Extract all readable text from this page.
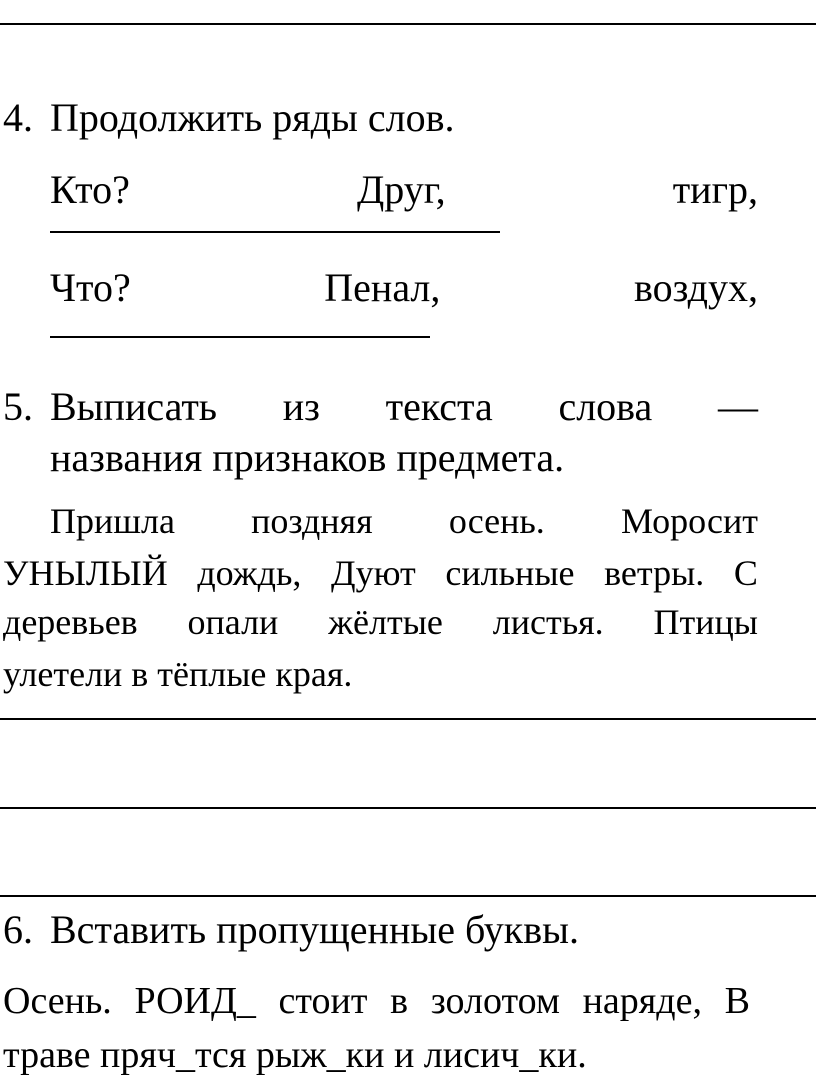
4. Продолжить ряды слов.
Кто?	Друг,	тигр,
Что?	Пенал,	воздух,
5. Выписать из текста слова —
названия признаков предмета.
Пришла поздняя осень. Моросит
УНЫЛЫЙ дождь, Дуют сильные ветры. С
деревьев опали жёлтые листья. Птицы
улетели в тёплые края.
6. Вставить пропущенные буквы.
Осень. РОИД_ стоит в золотом наряде, В
траве пряч_тся рыж_ки и лисич_ки.
